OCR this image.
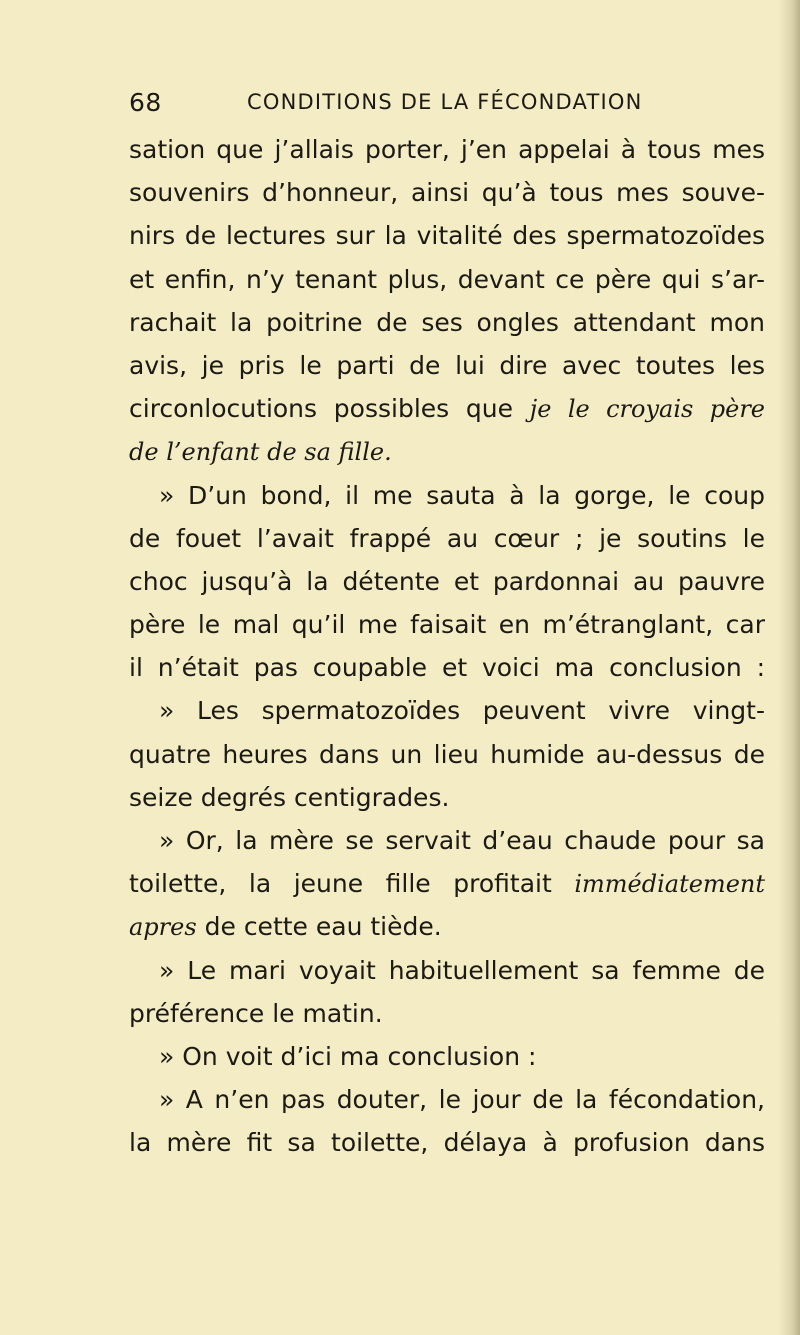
68	CONDITIONS DE LA FÉCONDATION
sation que j’allais porter, j’en appelai à tous mes
souvenirs d’honneur, ainsi qu’à tous mes souve-
nirs de lectures sur la vitalité des spermatozoïdes
et enfin, n’y tenant plus, devant ce père qui s’ar-
rachait la poitrine de ses ongles attendant mon
avis, je pris le parti de lui dire avec toutes les
circonlocutions possibles que je le croyais père
de l’enfant de sa fille.
» D’un bond, il me sauta à la gorge, le coup
de fouet l’avait frappé au cœur ; je soutins le
choc jusqu’à la détente et pardonnai au pauvre
père le mal qu’il me faisait en m’étranglant, car
il n’était pas coupable et voici ma conclusion :
» Les spermatozoïdes peuvent vivre vingt-
quatre heures dans un lieu humide au-dessus de
seize degrés centigrades.
» Or, la mère se servait d’eau chaude pour sa
toilette, la jeune fille profitait immédiatement
apres de cette eau tiède.
» Le mari voyait habituellement sa femme de
préférence le matin.
» On voit d’ici ma conclusion :
» A n’en pas douter, le jour de la fécondation,
la mère fit sa toilette, délaya à profusion dans
